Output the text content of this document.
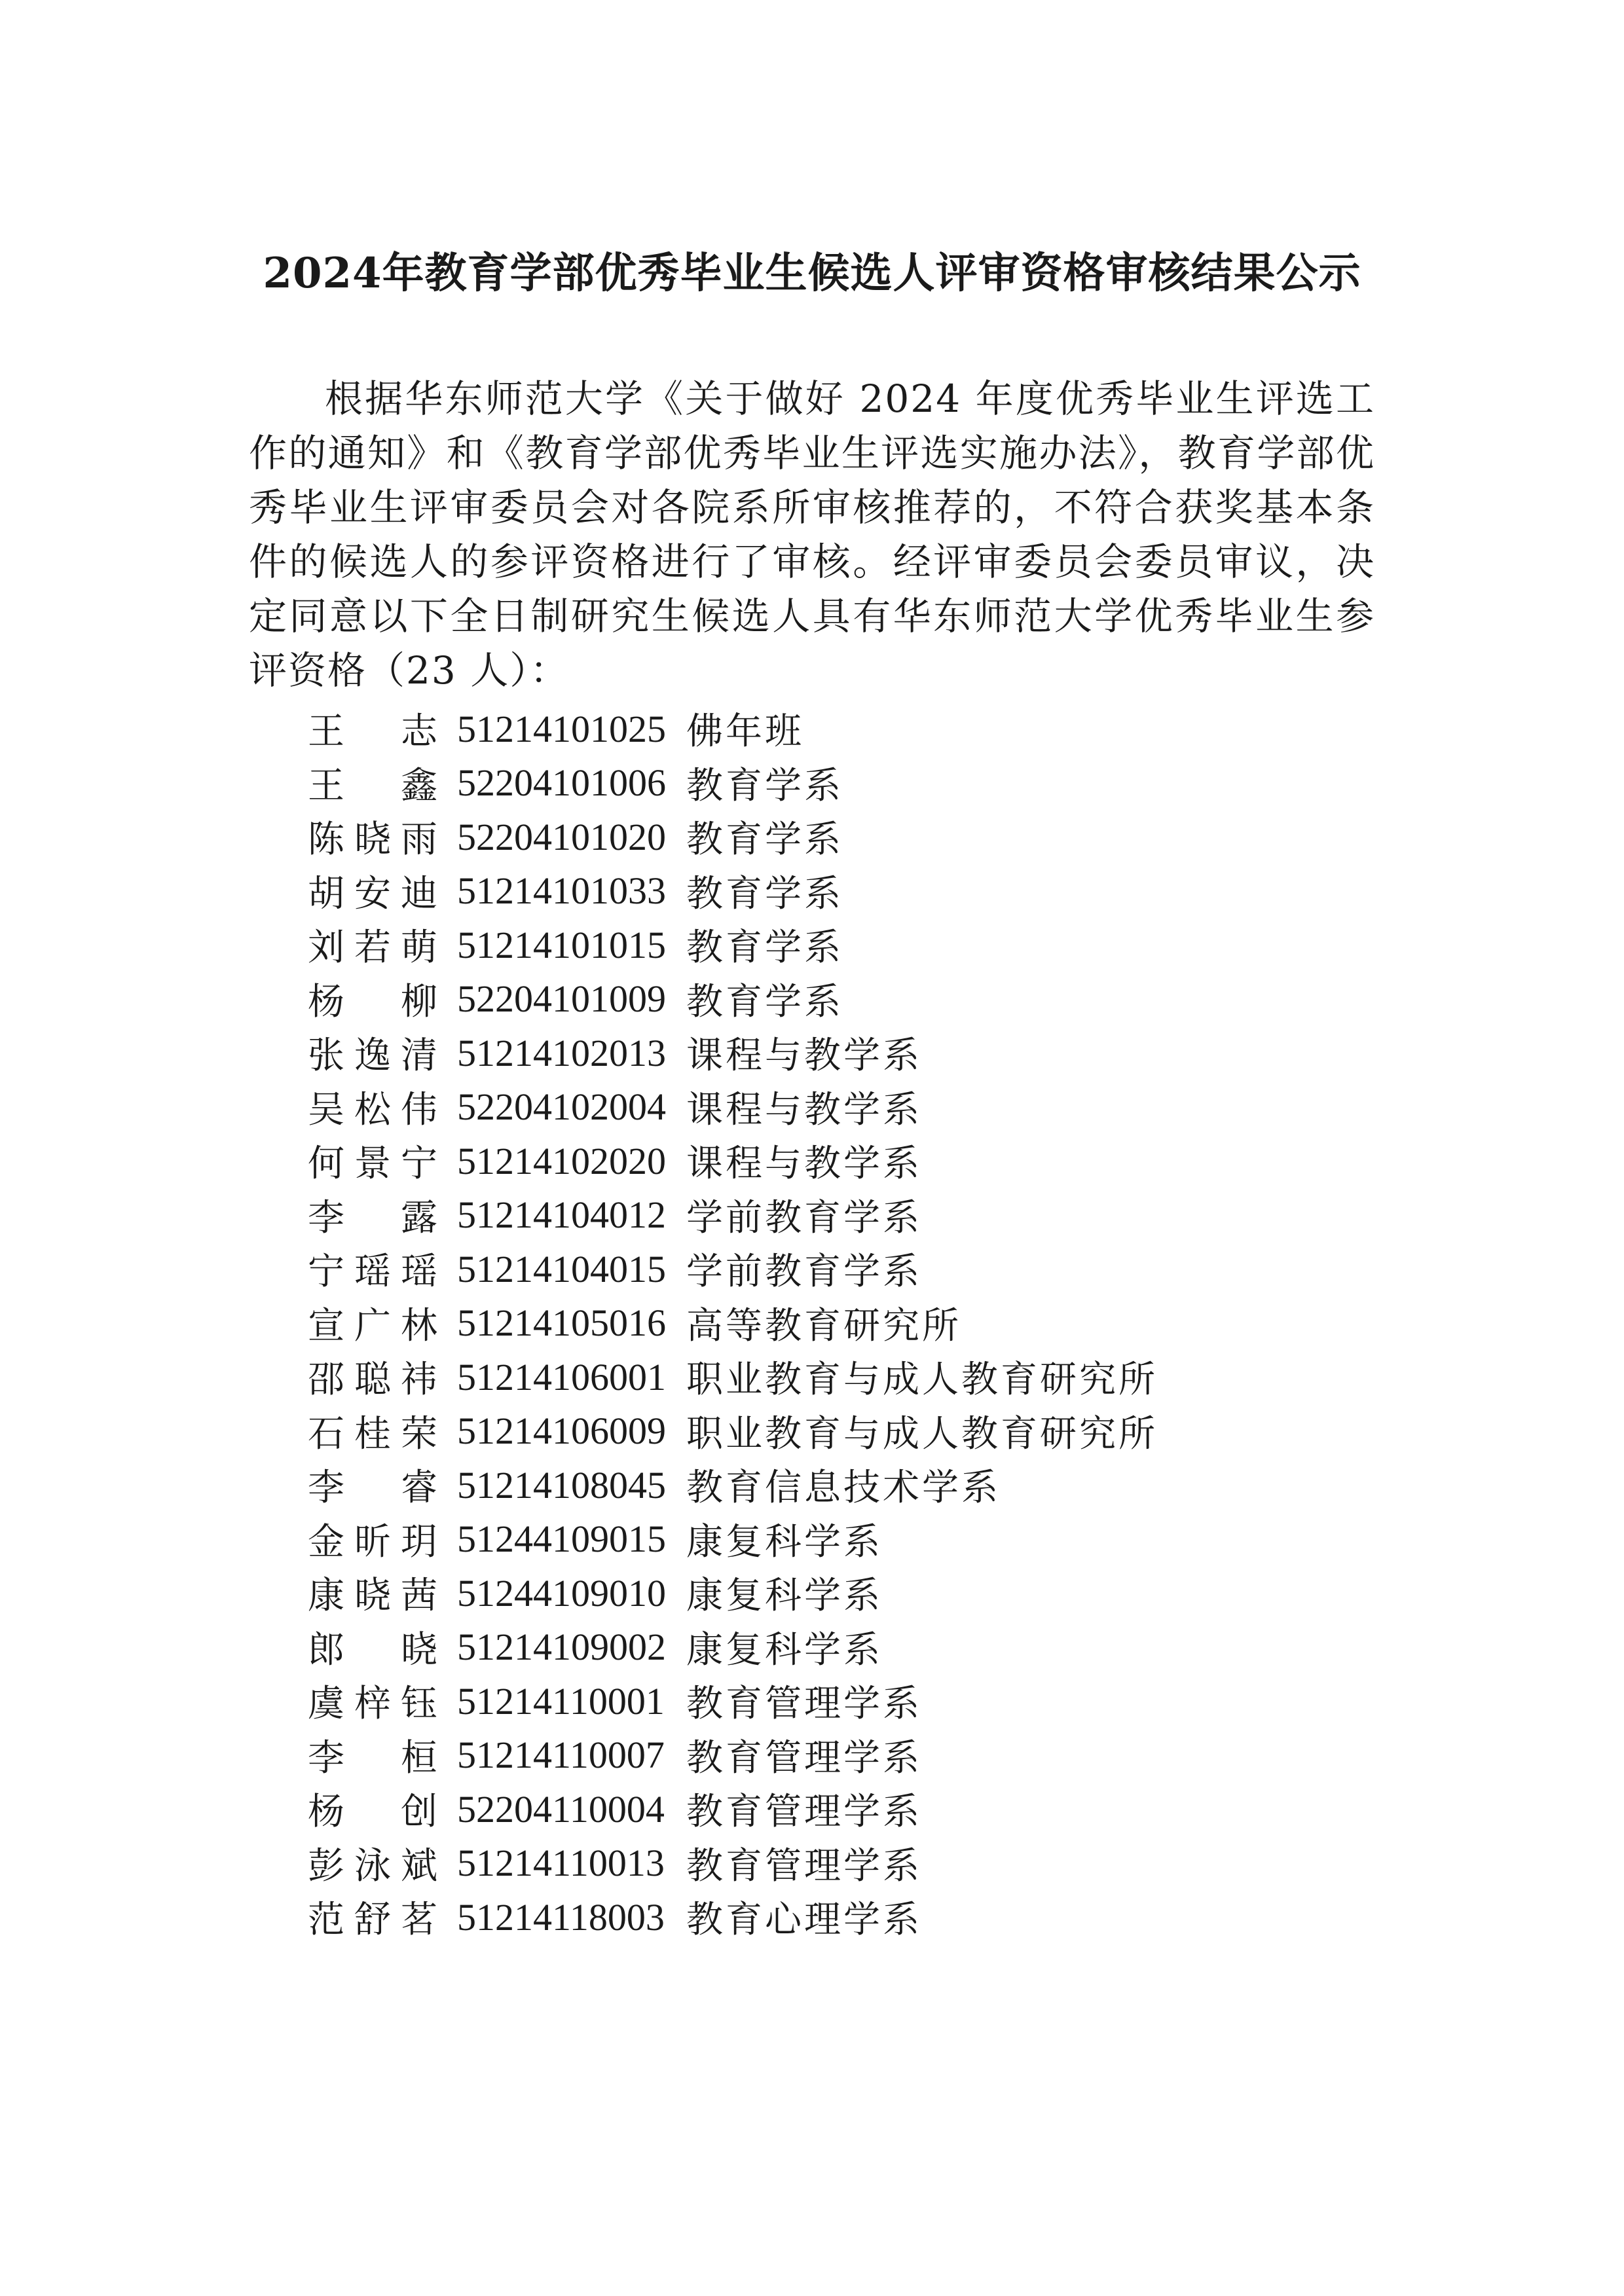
2024年教育学部优秀毕业生候选人评审资格审核结果公示

根据华东师范大学《关于做好 2024 年度优秀毕业生评选工作的通知》和《教育学部优秀毕业生评选实施办法》，教育学部优秀毕业生评审委员会对各院系所审核推荐的，不符合获奖基本条件的候选人的参评资格进行了审核。经评审委员会委员审议，决定同意以下全日制研究生候选人具有华东师范大学优秀毕业生参评资格（23 人）：

王志 51214101025 佛年班
王鑫 52204101006 教育学系
陈晓雨 52204101020 教育学系
胡安迪 51214101033 教育学系
刘若萌 51214101015 教育学系
杨柳 52204101009 教育学系
张逸清 51214102013 课程与教学系
吴松伟 52204102004 课程与教学系
何景宁 51214102020 课程与教学系
李露 51214104012 学前教育学系
宁瑶瑶 51214104015 学前教育学系
宣广林 51214105016 高等教育研究所
邵聪祎 51214106001 职业教育与成人教育研究所
石桂荣 51214106009 职业教育与成人教育研究所
李睿 51214108045 教育信息技术学系
金昕玥 51244109015 康复科学系
康晓茜 51244109010 康复科学系
郎晓 51214109002 康复科学系
虞梓钰 51214110001 教育管理学系
李桓 51214110007 教育管理学系
杨创 52204110004 教育管理学系
彭泳斌 51214110013 教育管理学系
范舒茗 51214118003 教育心理学系
